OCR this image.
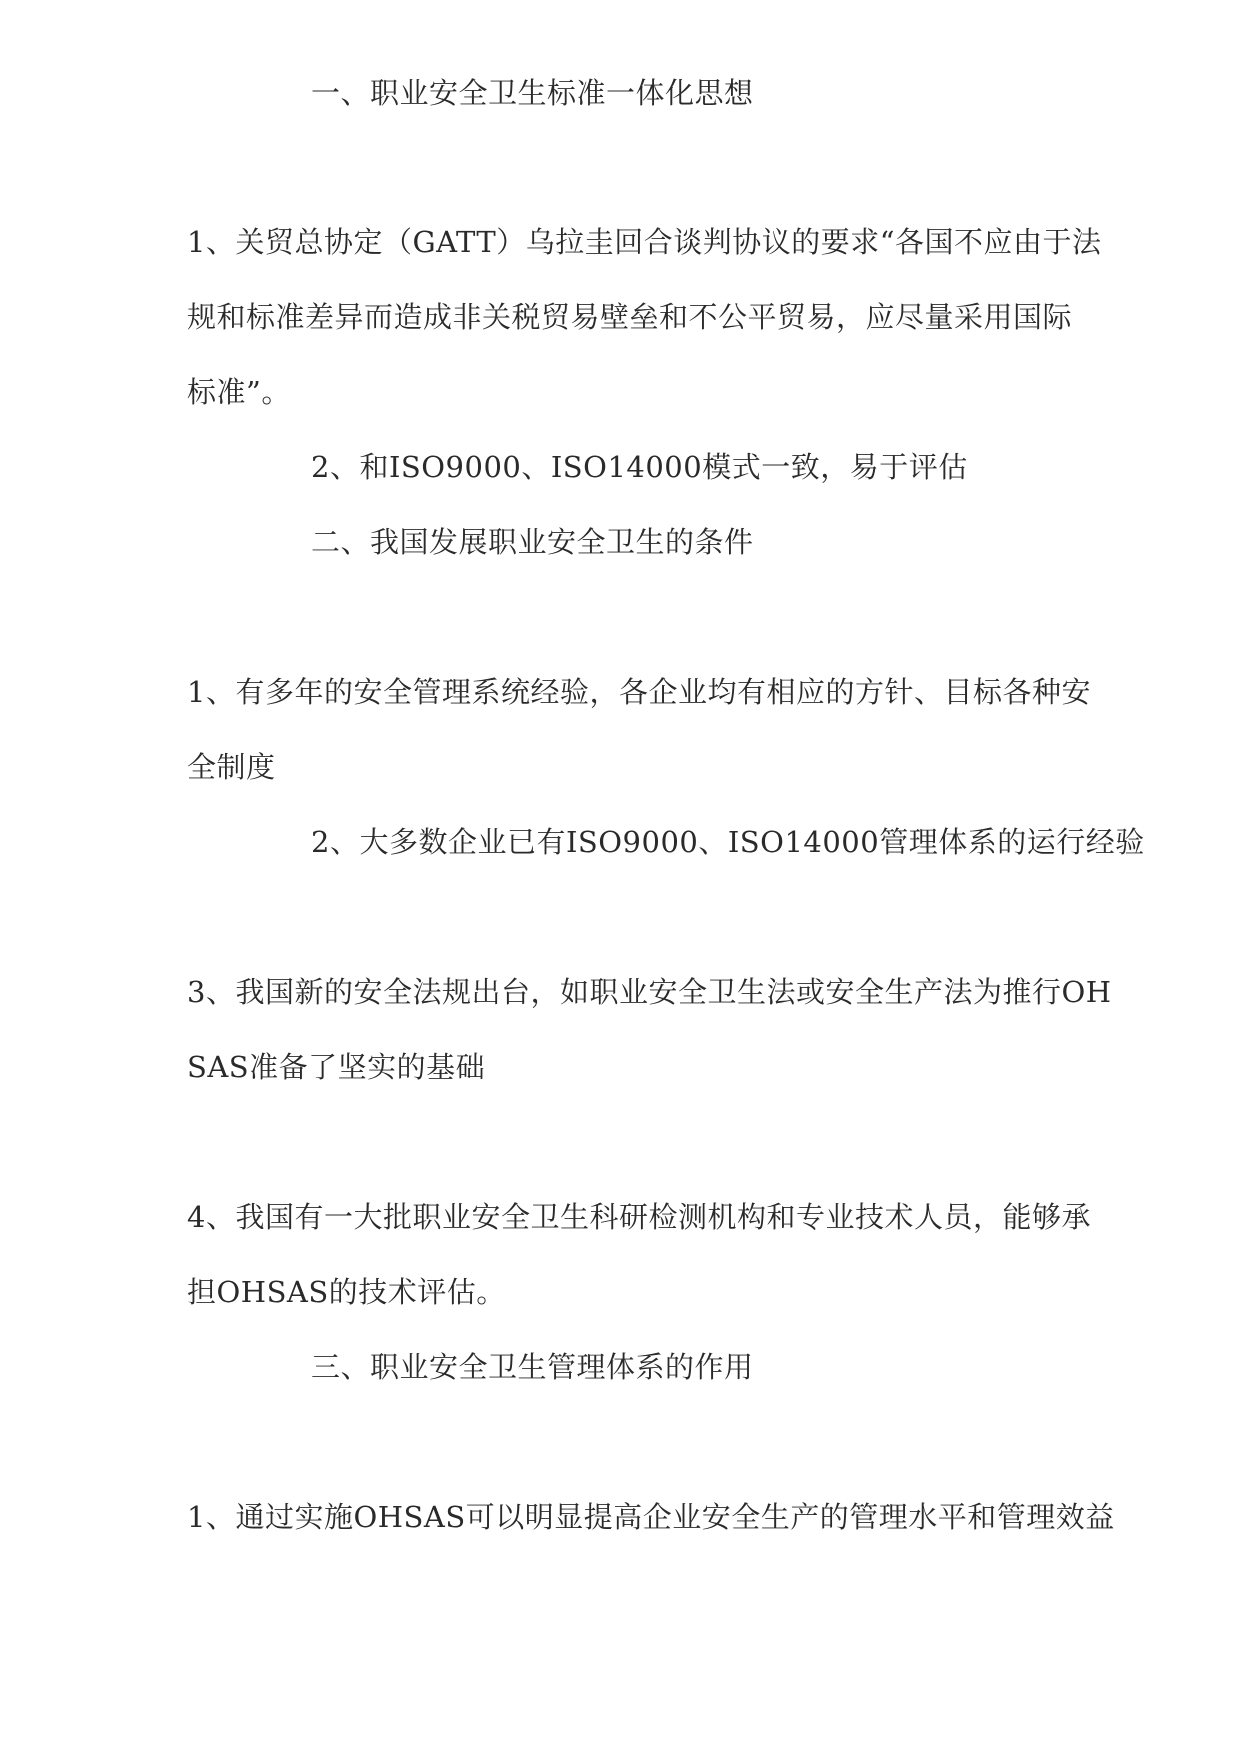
一、职业安全卫生标准一体化思想
1、关贸总协定（GATT）乌拉圭回合谈判协议的要求“各国不应由于法
规和标准差异而造成非关税贸易壁垒和不公平贸易，应尽量采用国际
标准”。
2、和ISO9000、ISO14000模式一致，易于评估
二、我国发展职业安全卫生的条件
1、有多年的安全管理系统经验，各企业均有相应的方针、目标各种安
全制度
2、大多数企业已有ISO9000、ISO14000管理体系的运行经验
3、我国新的安全法规出台，如职业安全卫生法或安全生产法为推行OH
SAS准备了坚实的基础
4、我国有一大批职业安全卫生科研检测机构和专业技术人员，能够承
担OHSAS的技术评估。
三、职业安全卫生管理体系的作用
1、通过实施OHSAS可以明显提高企业安全生产的管理水平和管理效益
